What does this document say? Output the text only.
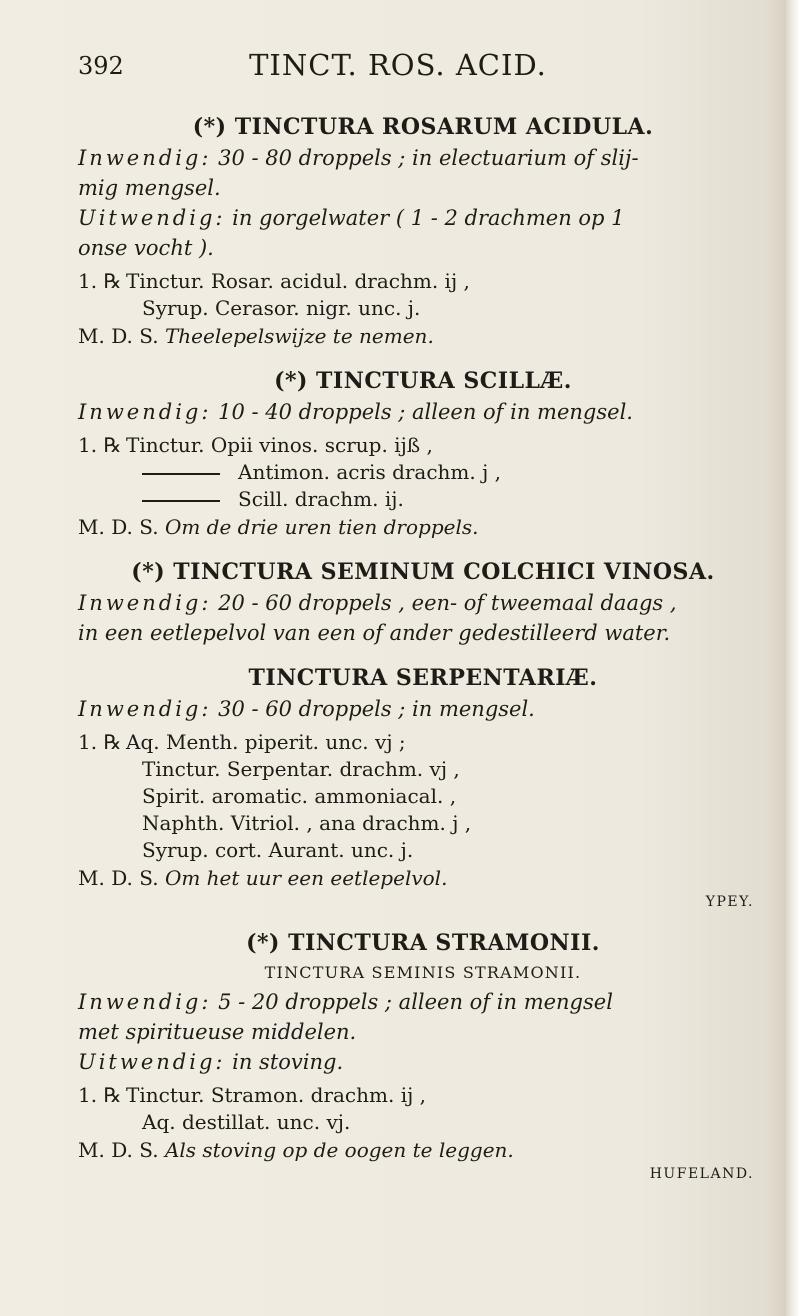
392	TINCT. ROS. ACID.
(*) TINCTURA ROSARUM ACIDULA.
Inwendig: 30 - 80 droppels ; in electuarium of slij-
mig mengsel.
Uitwendig: in gorgelwater ( 1 - 2 drachmen op 1
onse vocht ).
1. ℞ Tinctur. Rosar. acidul. drachm. ij ,
Syrup. Cerasor. nigr. unc. j.
M. D. S. Theelepelswijze te nemen.
(*) TINCTURA SCILLÆ.
Inwendig: 10 - 40 droppels ; alleen of in mengsel.
1. ℞ Tinctur. Opii vinos. scrup. ijß ,
Antimon. acris drachm. j ,
Scill. drachm. ij.
M. D. S. Om de drie uren tien droppels.
(*) TINCTURA SEMINUM COLCHICI VINOSA.
Inwendig: 20 - 60 droppels , een- of tweemaal daags ,
in een eetlepelvol van een of ander gedestilleerd water.
TINCTURA SERPENTARIÆ.
Inwendig: 30 - 60 droppels ; in mengsel.
1. ℞ Aq. Menth. piperit. unc. vj ;
Tinctur. Serpentar. drachm. vj ,
Spirit. aromatic. ammoniacal. ,
Naphth. Vitriol. , ana drachm. j ,
Syrup. cort. Aurant. unc. j.
M. D. S. Om het uur een eetlepelvol.
YPEY.
(*) TINCTURA STRAMONII.
TINCTURA SEMINIS STRAMONII.
Inwendig: 5 - 20 droppels ; alleen of in mengsel
met spiritueuse middelen.
Uitwendig: in stoving.
1. ℞ Tinctur. Stramon. drachm. ij ,
Aq. destillat. unc. vj.
M. D. S. Als stoving op de oogen te leggen.
HUFELAND.
